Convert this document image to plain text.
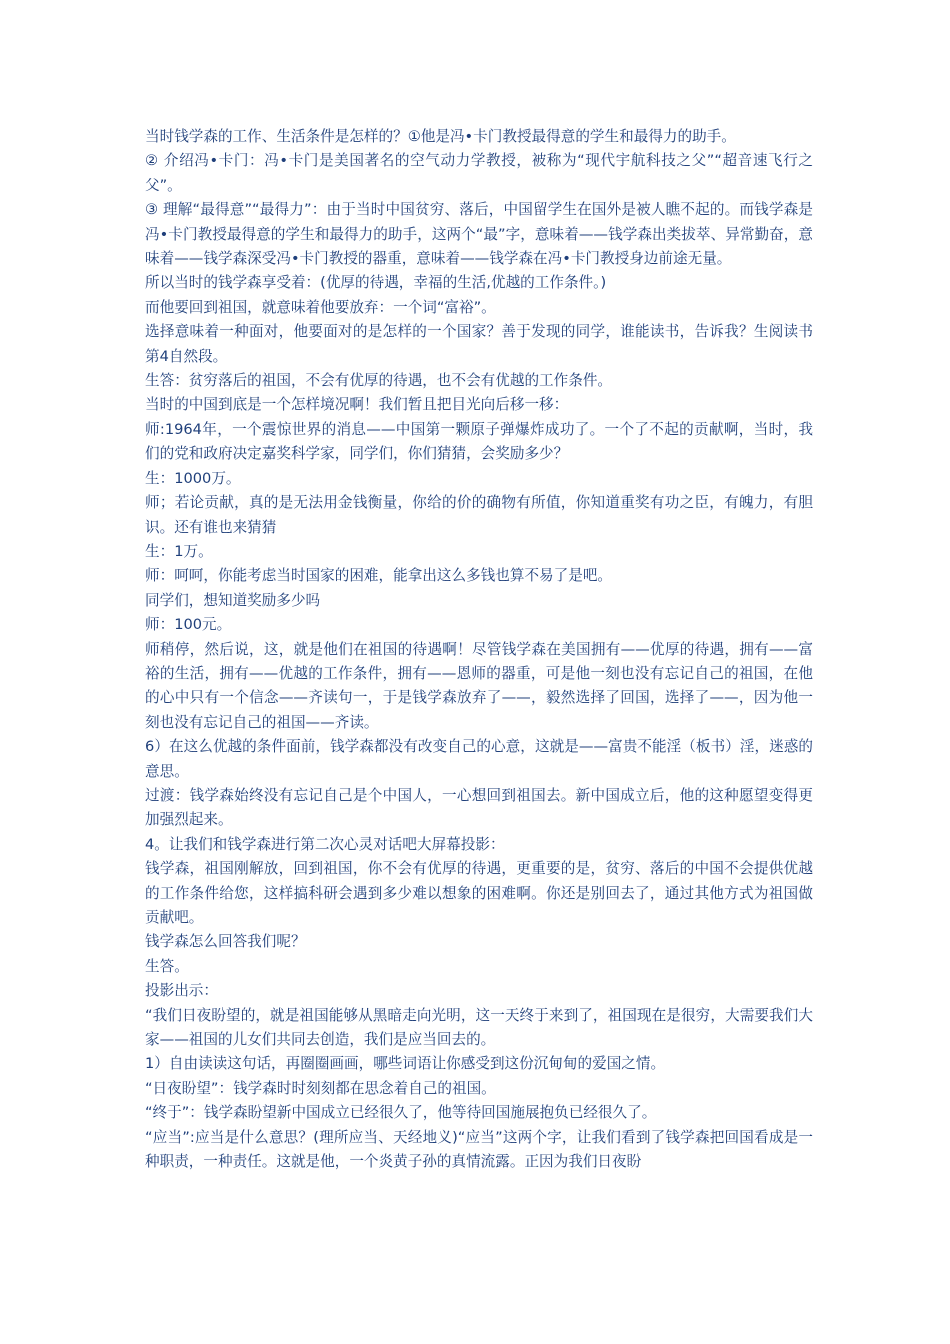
当时钱学森的工作、生活条件是怎样的？①他是冯•卡门教授最得意的学生和最得力的助手。

② 介绍冯•卡门：冯•卡门是美国著名的空气动力学教授，被称为“现代宇航科技之父”“超音速飞行之父”。

③ 理解“最得意”“最得力”：由于当时中国贫穷、落后，中国留学生在国外是被人瞧不起的。而钱学森是冯•卡门教授最得意的学生和最得力的助手，这两个“最”字，意味着——钱学森出类拔萃、异常勤奋，意味着——钱学森深受冯•卡门教授的器重，意味着——钱学森在冯•卡门教授身边前途无量。

所以当时的钱学森享受着：(优厚的待遇，幸福的生活,优越的工作条件。)

而他要回到祖国，就意味着他要放弃：一个词“富裕”。

选择意味着一种面对，他要面对的是怎样的一个国家？善于发现的同学，谁能读书，告诉我？生阅读书第4自然段。

生答：贫穷落后的祖国，不会有优厚的待遇，也不会有优越的工作条件。

当时的中国到底是一个怎样境况啊！我们暂且把目光向后移一移：

师:1964年，一个震惊世界的消息——中国第一颗原子弹爆炸成功了。一个了不起的贡献啊，当时，我们的党和政府决定嘉奖科学家，同学们，你们猜猜，会奖励多少？

生：1000万。

师；若论贡献，真的是无法用金钱衡量，你给的价的确物有所值，你知道重奖有功之臣，有魄力，有胆识。还有谁也来猜猜

生：1万。

师：呵呵，你能考虑当时国家的困难，能拿出这么多钱也算不易了是吧。

同学们，想知道奖励多少吗

师：100元。

师稍停，然后说，这，就是他们在祖国的待遇啊！尽管钱学森在美国拥有——优厚的待遇，拥有——富裕的生活，拥有——优越的工作条件，拥有——恩师的器重，可是他一刻也没有忘记自己的祖国，在他的心中只有一个信念——齐读句一，于是钱学森放弃了——，毅然选择了回国，选择了——，因为他一刻也没有忘记自己的祖国——齐读。

6）在这么优越的条件面前，钱学森都没有改变自己的心意，这就是——富贵不能淫（板书）淫，迷惑的意思。

过渡：钱学森始终没有忘记自己是个中国人，一心想回到祖国去。新中国成立后，他的这种愿望变得更加强烈起来。

4。让我们和钱学森进行第二次心灵对话吧大屏幕投影：

钱学森，祖国刚解放，回到祖国，你不会有优厚的待遇，更重要的是，贫穷、落后的中国不会提供优越的工作条件给您，这样搞科研会遇到多少难以想象的困难啊。你还是别回去了，通过其他方式为祖国做贡献吧。

钱学森怎么回答我们呢？

生答。

投影出示：

“我们日夜盼望的，就是祖国能够从黑暗走向光明，这一天终于来到了，祖国现在是很穷，大需要我们大家——祖国的儿女们共同去创造，我们是应当回去的。

1）自由读读这句话，再圈圈画画，哪些词语让你感受到这份沉甸甸的爱国之情。

“日夜盼望”：钱学森时时刻刻都在思念着自己的祖国。

“终于”：钱学森盼望新中国成立已经很久了，他等待回国施展抱负已经很久了。

“应当”:应当是什么意思？(理所应当、天经地义)“应当”这两个字，让我们看到了钱学森把回国看成是一种职责，一种责任。这就是他，一个炎黄子孙的真情流露。正因为我们日夜盼
